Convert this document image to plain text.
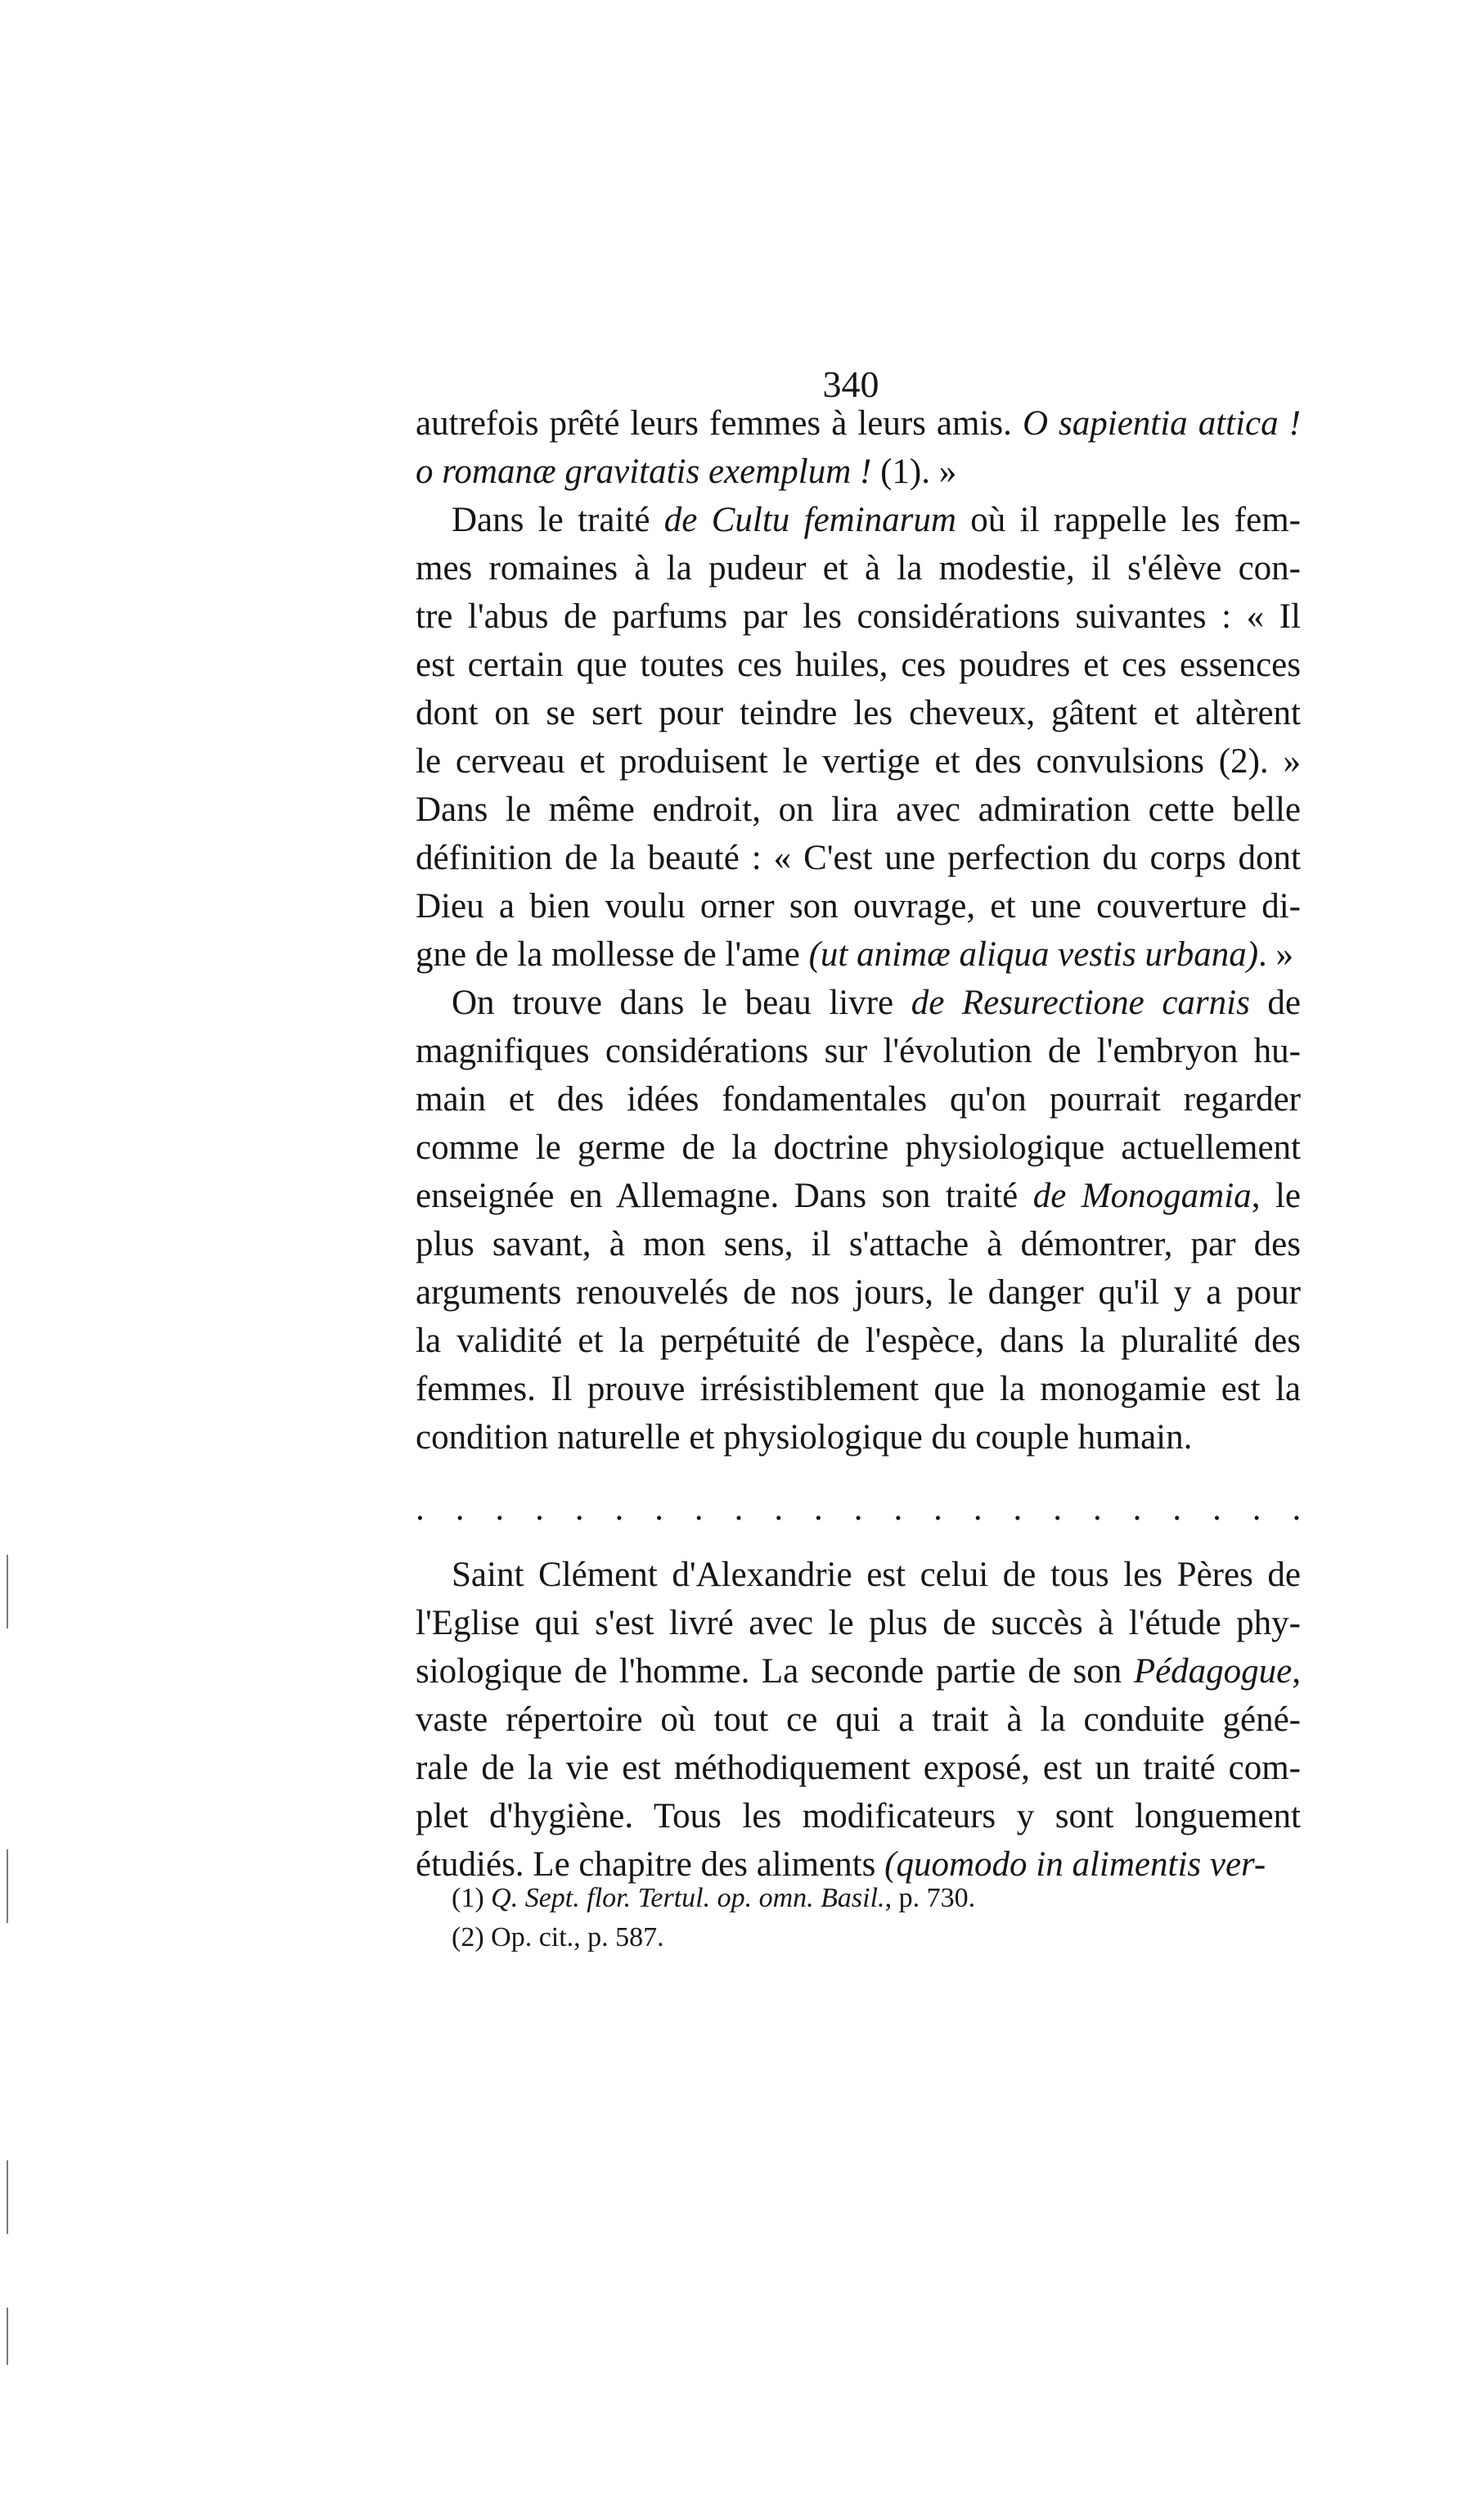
340
autrefois prêté leurs femmes à leurs amis. O sapientia attica !
o romanæ gravitatis exemplum ! (1). »
Dans le traité de Cultu feminarum où il rappelle les fem-
mes romaines à la pudeur et à la modestie, il s'élève con-
tre l'abus de parfums par les considérations suivantes : « Il
est certain que toutes ces huiles, ces poudres et ces essences
dont on se sert pour teindre les cheveux, gâtent et altèrent
le cerveau et produisent le vertige et des convulsions (2). »
Dans le même endroit, on lira avec admiration cette belle
définition de la beauté : « C'est une perfection du corps dont
Dieu a bien voulu orner son ouvrage, et une couverture di-
gne de la mollesse de l'ame (ut animæ aliqua vestis urbana). »
On trouve dans le beau livre de Resurectione carnis de
magnifiques considérations sur l'évolution de l'embryon hu-
main et des idées fondamentales qu'on pourrait regarder
comme le germe de la doctrine physiologique actuellement
enseignée en Allemagne. Dans son traité de Monogamia, le
plus savant, à mon sens, il s'attache à démontrer, par des
arguments renouvelés de nos jours, le danger qu'il y a pour
la validité et la perpétuité de l'espèce, dans la pluralité des
femmes. Il prouve irrésistiblement que la monogamie est la
condition naturelle et physiologique du couple humain.
. . . . . . . . . . . . . . . . . . . . . . .
Saint Clément d'Alexandrie est celui de tous les Pères de
l'Eglise qui s'est livré avec le plus de succès à l'étude phy-
siologique de l'homme. La seconde partie de son Pédagogue,
vaste répertoire où tout ce qui a trait à la conduite géné-
rale de la vie est méthodiquement exposé, est un traité com-
plet d'hygiène. Tous les modificateurs y sont longuement
étudiés. Le chapitre des aliments (quomodo in alimentis ver-
(1) Q. Sept. flor. Tertul. op. omn. Basil., p. 730.
(2) Op. cit., p. 587.
